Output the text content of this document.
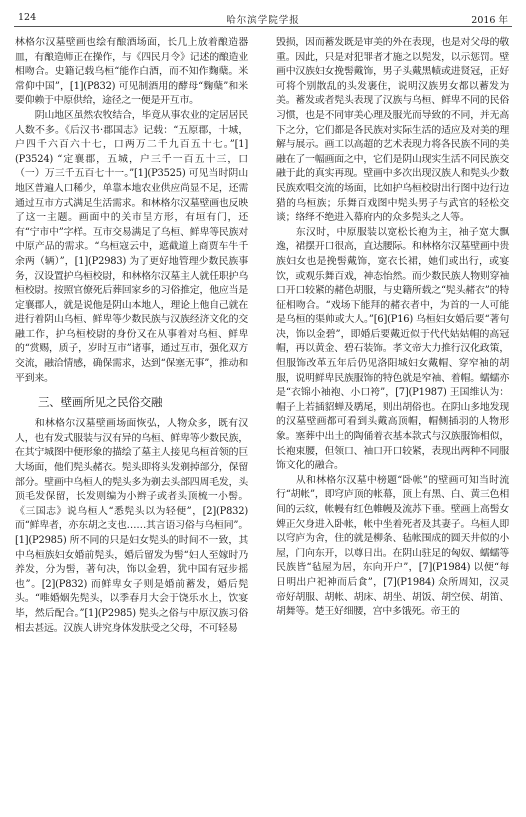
124	哈尔滨学院学报	2016 年

林格尔汉墓壁画也绘有酿酒场面，长几上放着酿造器皿，有酿造师正在操作，与《四民月令》记述的酿造业相吻合。史籍记载乌桓“能作白酒，而不知作麴蘖。米常仰中国”，[1](P832) 可见制酒用的酵母“麴蘖”和米要仰赖于中原供给，途径之一便是开互市。

阴山地区虽然农牧结合，毕竟从事农业的定居居民人数不多。《后汉书·郡国志》记载：“五原郡，十城，户四千六百六十七，口两万二千九百五十七。”[1](P3524) “定襄郡，五城，户三千一百五十三，口（一）万三千五百七十一。”[1](P3525) 可见当时阴山地区普遍人口稀少，单靠本地农业供应尚显不足，还需通过互市方式满足生活需求。和林格尔汉墓壁画也反映了这一主题。画面中的关市呈方形，有垣有门，还有“宁市中”字样。互市交易满足了乌桓、鲜卑等民族对中原产品的需求。“乌桓寇云中，遮截道上商贾车牛千余两（辆）”，[1](P2983) 为了更好地管理少数民族事务，汉设置护乌桓校尉，和林格尔汉墓主人就任职护乌桓校尉。按照官僚死后葬回家乡的习俗推定，他应当是定襄郡人，就是说他是阴山本地人，理论上他自己就在进行着阴山乌桓、鲜卑等少数民族与汉族经济文化的交融工作，护乌桓校尉的身份又在从事着对乌桓、鲜卑的“赏赐，质子，岁时互市”诸事，通过互市，强化双方交流，融洽情感，确保需求，达到“保塞无事”，推动和平到来。

三、壁画所见之民俗交融

和林格尔汉墓壁画场面恢弘，人物众多，既有汉人，也有发式服装与汉有异的乌桓、鲜卑等少数民族，在其宁城图中便形象的描绘了墓主人接见乌桓首领的巨大场面，他们髡头赭衣。髡头即将头发剃掉部分，保留部分。壁画中乌桓人的髡头多为剃去头部四周毛发，头顶毛发保留，长发则编为小辫子或者头顶梳一小髻。《三国志》说乌桓人“悉髡头以为轻便”，[2](P832) 而“鲜卑者，亦东胡之支也……其言语习俗与乌桓同”。[1](P2985) 所不同的只是妇女髡头的时间不一致，其中乌桓族妇女婚前髡头，婚后留发为髻“妇人至嫁时乃养发，分为髻，著句决，饰以金碧，犹中国有冠步摇也”。[2](P832) 而鲜卑女子则是婚前蓄发，婚后髡头。“唯婚姻先髡头，以季春月大会于饶乐水上，饮宴毕，然后配合。”[1](P2985) 髡头之俗与中原汉族习俗相去甚远。汉族人讲究身体发肤受之父母，不可轻易

毁损，因而蓄发既是审美的外在表现，也是对父母的敬重。因此，只是对犯罪者才施之以髡发，以示惩罚。壁画中汉族妇女挽髻戴饰，男子头戴黑帻或进贤冠，正好可将个别散乱的头发裹住，说明汉族男女都以蓄发为美。蓄发或者髡头表现了汉族与乌桓、鲜卑不同的民俗习惯，也是不同审美心理及服光而导致的不同，并无高下之分，它们都是各民族对实际生活的适应及对美的理解与展示。画工以高超的艺术表现力将各民族不同的美融在了一幅画面之中，它们是阴山现实生活不同民族交融于此的真实再现。壁画中多次出现汉族人和髡头少数民族欢唱交流的场面，比如护乌桓校尉出行图中边行边猎的乌桓族；乐舞百戏图中髡头男子与武官的轻松交谈；络绎不绝进入幕府内的众多髡头之人等。

东汉时，中原服装以宽松长袍为主，袖子宽大飘逸，裙摆开口很高，直达腰际。和林格尔汉墓壁画中贵族妇女也是挽髻戴饰，宽衣长裙，她们或出行，或宴饮，或观乐舞百戏，神态怡然。而少数民族人物则穿袖口开口较紧的赭色胡服，与史籍所载之“髡头赭衣”的特征相吻合。“戏场下能拜的赭衣者中，为首的一人可能是乌桓的渠帅或大人。”[6](P16) 乌桓妇女婚后要“著句决，饰以金碧”，即婚后要戴近似于代代姑姑帽的高冠帽，再以黄金、碧石装饰。孝文帝大力推行汉化政策，但服饰改革五年后仍见洛阳城妇女戴帽、穿窄袖的胡服，说明鲜卑民族服饰的特色就是窄袖、着帽。蠕蠕亦是“衣锦小袖袍、小口袴”，[7](P1987) 王国维认为：帽子上若插貂蝉及鹖尾，则出胡俗也。在阴山多地发现的汉墓壁画都可看到头戴高顶帽，帽侧插羽的人物形象。塞葬中出土的陶俑着衣基本款式与汉族服饰相似，长袍束腰，但领口、袖口开口较紧，表现出两种不同服饰文化的融合。

从和林格尔汉墓中榜题“卧帐”的壁画可知当时流行“胡帐”，即穹庐顶的帐幕，顶上有黑、白、黄三色相间的云纹，帐幔有红色帷幔及流苏下垂。壁画上高髻女婢正欠身进入卧帐，帐中坐着死者及其妻子。乌桓人即以穹庐为舍，住的就是柳条、毡帐围成的圆天井似的小屋，门向东开，以尊日出。在阴山驻足的匈奴、蠕蠕等民族皆“毡屋为居，东向开户”，[7](P1984) 以便“每日明出户祀神而后食”，[7](P1984) 众所周知，汉灵帝好胡服、胡帐、胡床、胡坐、胡饭、胡空侯、胡笛、胡舞等。楚王好细腰，宫中多饿死。帝王的
